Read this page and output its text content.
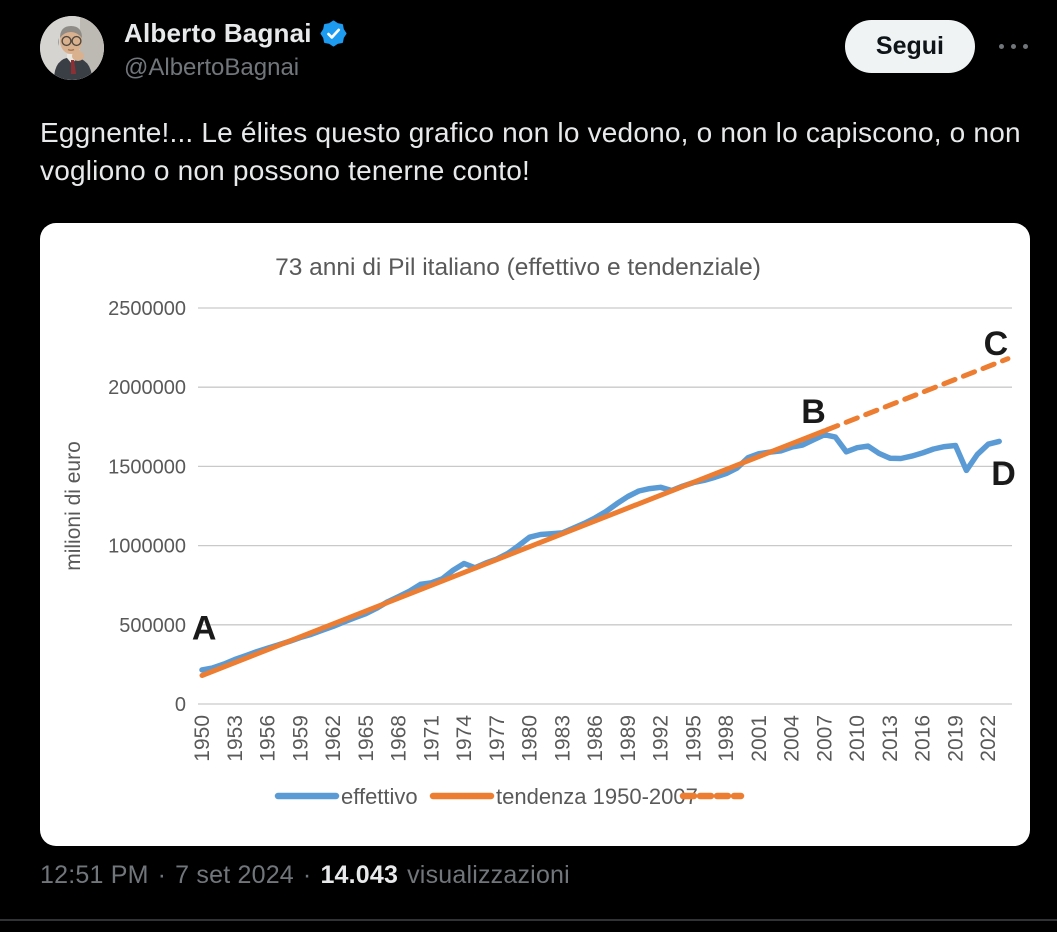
Alberto Bagnai
@AlbertoBagnai
Segui
Eggnente!... Le élites questo grafico non lo vedono, o non lo capiscono, o non vogliono o non possono tenerne conto!
0
500000
1000000
1500000
2000000
2500000
73 anni di Pil italiano (effettivo e tendenziale)
milioni di euro
1950 1953 1956 1959 1962 1965 1968 1971 1974 1977 1980 1983 1986 1989 1992 1995 1998 2001 2004 2007 2010 2013 2016 2019 2022
effettivo	tendenza 1950-2007
A
B
C
D
12:51 PM · 7 set 2024 · 14.043 visualizzazioni
